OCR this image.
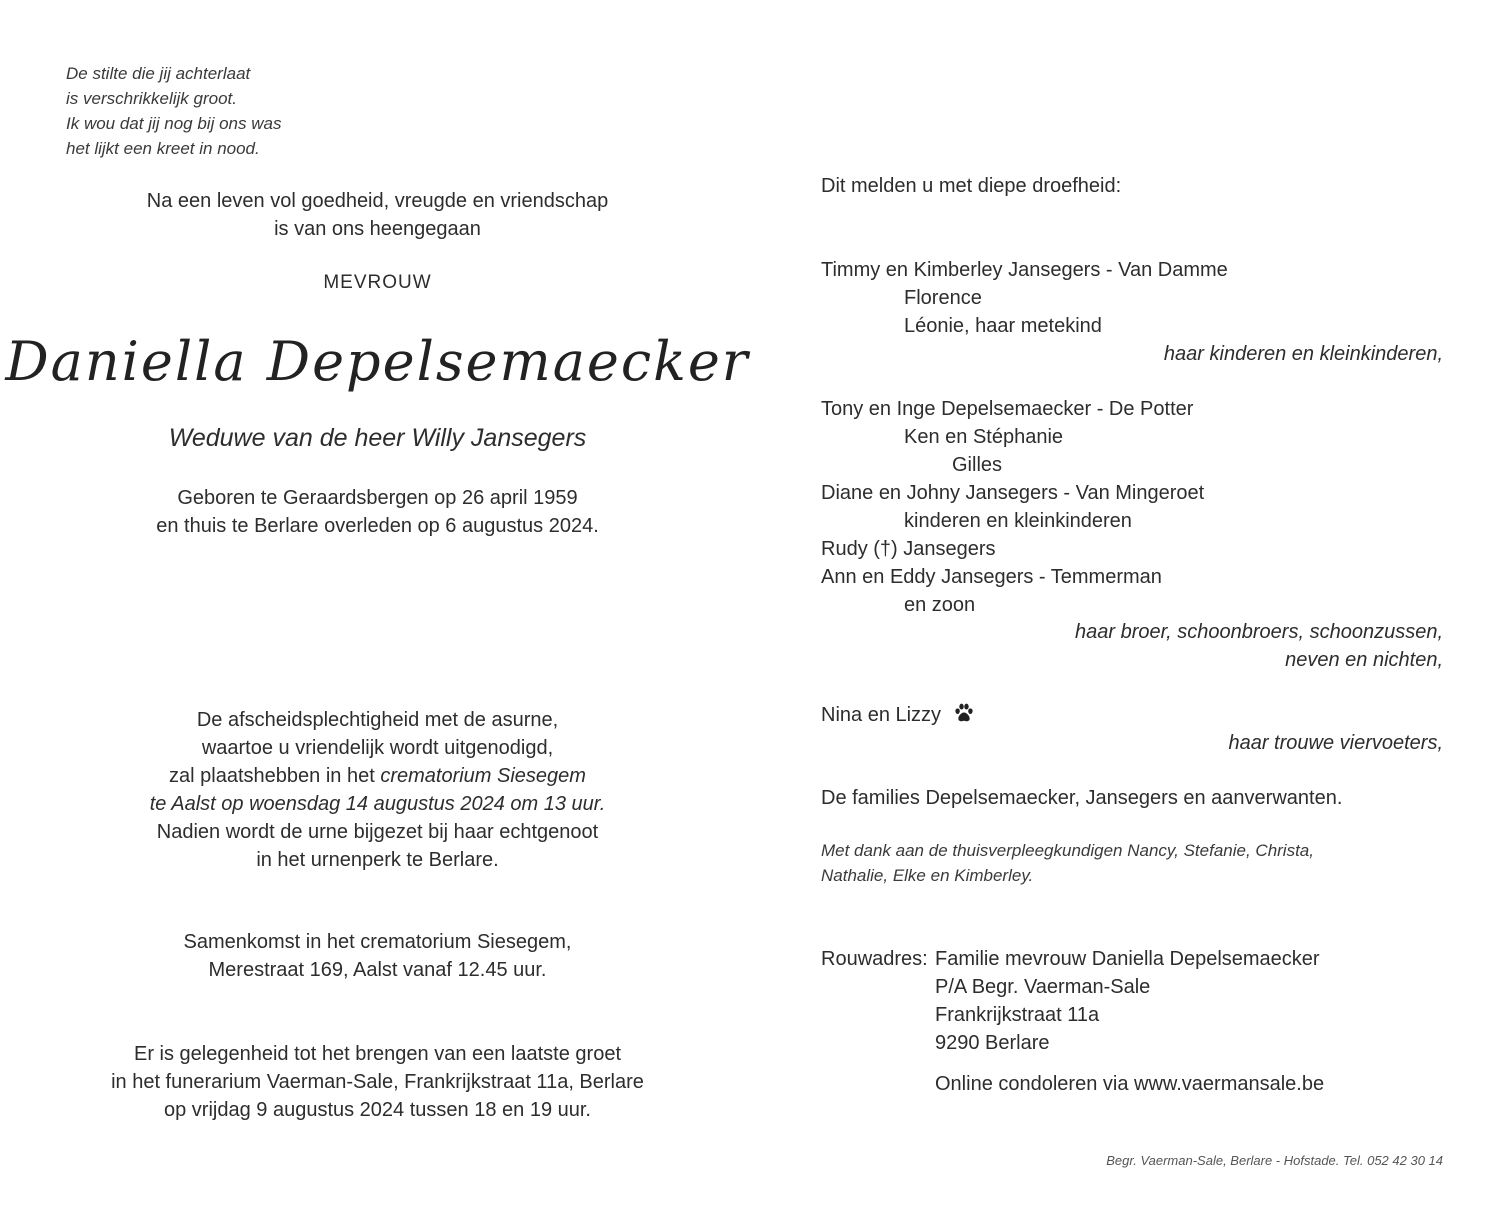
De stilte die jij achterlaat
is verschrikkelijk groot.
Ik wou dat jij nog bij ons was
het lijkt een kreet in nood.
Na een leven vol goedheid, vreugde en vriendschap
is van ons heengegaan
MEVROUW
Daniella Depelsemaecker
Weduwe van de heer Willy Jansegers
Geboren te Geraardsbergen op 26 april 1959
en thuis te Berlare overleden op 6 augustus 2024.
De afscheidsplechtigheid met de asurne,
waartoe u vriendelijk wordt uitgenodigd,
zal plaatshebben in het crematorium Siesegem
te Aalst op woensdag 14 augustus 2024 om 13 uur.
Nadien wordt de urne bijgezet bij haar echtgenoot
in het urnenperk te Berlare.
Samenkomst in het crematorium Siesegem,
Merestraat 169, Aalst vanaf 12.45 uur.
Er is gelegenheid tot het brengen van een laatste groet
in het funerarium Vaerman-Sale, Frankrijkstraat 11a, Berlare
op vrijdag 9 augustus 2024 tussen 18 en 19 uur.
Dit melden u met diepe droefheid:
Timmy en Kimberley Jansegers - Van Damme
Florence
Léonie, haar metekind
haar kinderen en kleinkinderen,
Tony en Inge Depelsemaecker - De Potter
Ken en Stéphanie
Gilles
Diane en Johny Jansegers - Van Mingeroet
kinderen en kleinkinderen
Rudy (†) Jansegers
Ann en Eddy Jansegers - Temmerman
en zoon
haar broer, schoonbroers, schoonzussen,
neven en nichten,
Nina en Lizzy
haar trouwe viervoeters,
De families Depelsemaecker, Jansegers en aanverwanten.
Met dank aan de thuisverpleegkundigen Nancy, Stefanie, Christa,
Nathalie, Elke en Kimberley.
Rouwadres: Familie mevrouw Daniella Depelsemaecker
P/A Begr. Vaerman-Sale
Frankrijkstraat 11a
9290 Berlare
Online condoleren via www.vaermansale.be
Begr. Vaerman-Sale, Berlare - Hofstade. Tel. 052 42 30 14
